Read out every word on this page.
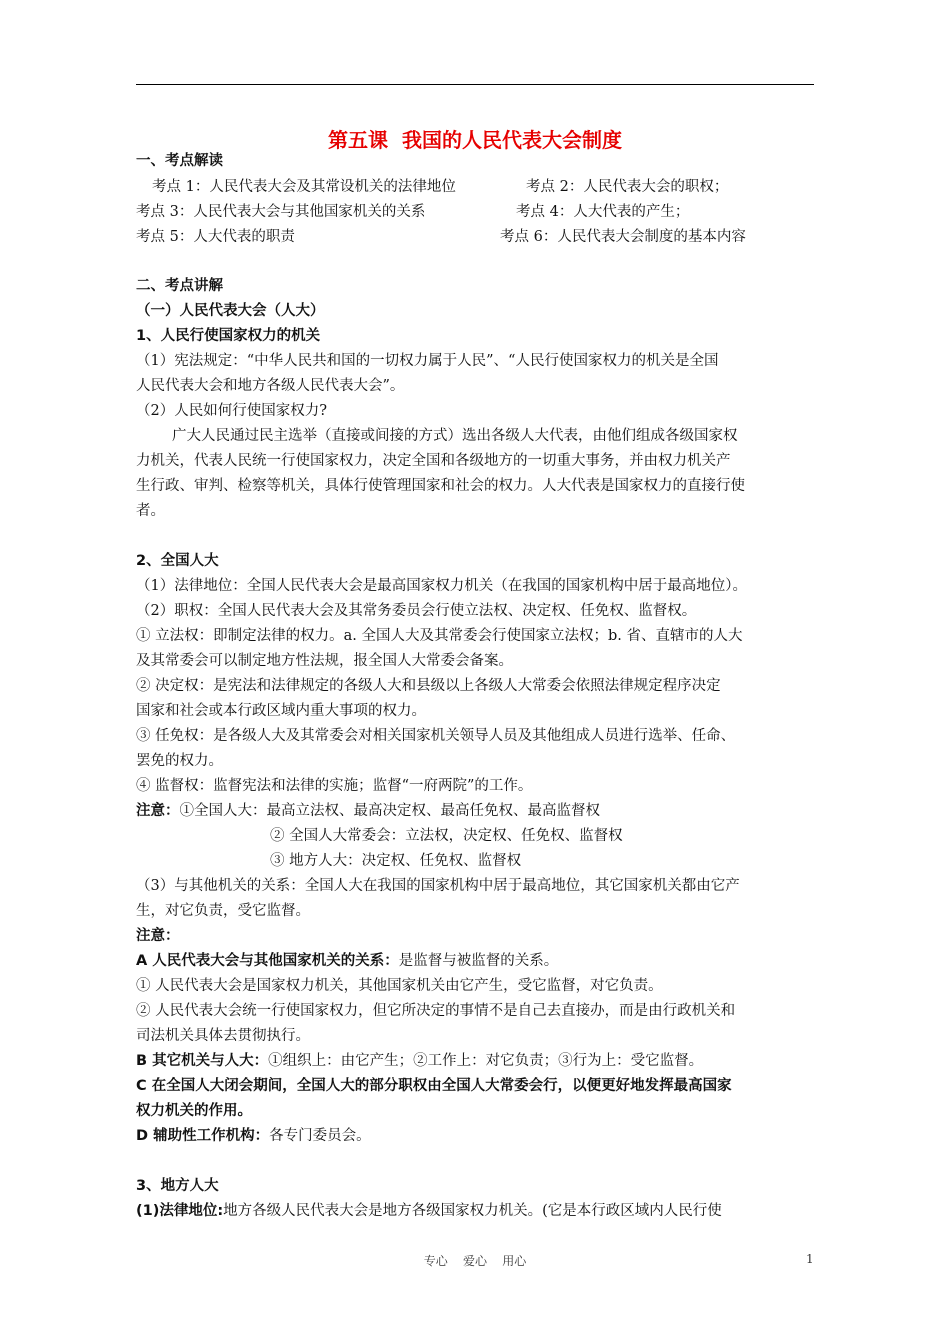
第五课  我国的人民代表大会制度
一、考点解读
考点 1：人民代表大会及其常设机关的法律地位	考点 2：人民代表大会的职权；
考点 3：人民代表大会与其他国家机关的关系	考点 4：人大代表的产生；
考点 5：人大代表的职责	考点 6：人民代表大会制度的基本内容
二、考点讲解
（一）人民代表大会（人大）
1、人民行使国家权力的机关
（1）宪法规定：“中华人民共和国的一切权力属于人民”、“人民行使国家权力的机关是全国
人民代表大会和地方各级人民代表大会”。
（2）人民如何行使国家权力?
广大人民通过民主选举（直接或间接的方式）选出各级人大代表，由他们组成各级国家权
力机关，代表人民统一行使国家权力，决定全国和各级地方的一切重大事务，并由权力机关产
生行政、审判、检察等机关，具体行使管理国家和社会的权力。人大代表是国家权力的直接行使
者。
2、全国人大
（1）法律地位：全国人民代表大会是最高国家权力机关（在我国的国家机构中居于最高地位）。
（2）职权：全国人民代表大会及其常务委员会行使立法权、决定权、任免权、监督权。
① 立法权：即制定法律的权力。a. 全国人大及其常委会行使国家立法权；b. 省、直辖市的人大
及其常委会可以制定地方性法规，报全国人大常委会备案。
② 决定权：是宪法和法律规定的各级人大和县级以上各级人大常委会依照法律规定程序决定
国家和社会或本行政区域内重大事项的权力。
③ 任免权：是各级人大及其常委会对相关国家机关领导人员及其他组成人员进行选举、任命、
罢免的权力。
④ 监督权：监督宪法和法律的实施；监督“一府两院”的工作。
注意：①全国人大：最高立法权、最高决定权、最高任免权、最高监督权
② 全国人大常委会：立法权，决定权、任免权、监督权
③ 地方人大：决定权、任免权、监督权
（3）与其他机关的关系：全国人大在我国的国家机构中居于最高地位，其它国家机关都由它产
生，对它负责，受它监督。
注意：
A 人民代表大会与其他国家机关的关系：是监督与被监督的关系。
① 人民代表大会是国家权力机关，其他国家机关由它产生，受它监督，对它负责。
② 人民代表大会统一行使国家权力，但它所决定的事情不是自己去直接办，而是由行政机关和
司法机关具体去贯彻执行。
B 其它机关与人大：①组织上：由它产生；②工作上：对它负责；③行为上：受它监督。
C 在全国人大闭会期间，全国人大的部分职权由全国人大常委会行，以便更好地发挥最高国家
权力机关的作用。
D 辅助性工作机构：各专门委员会。
3、地方人大
(1)法律地位:地方各级人民代表大会是地方各级国家权力机关。(它是本行政区域内人民行使
专心    爱心    用心	1
